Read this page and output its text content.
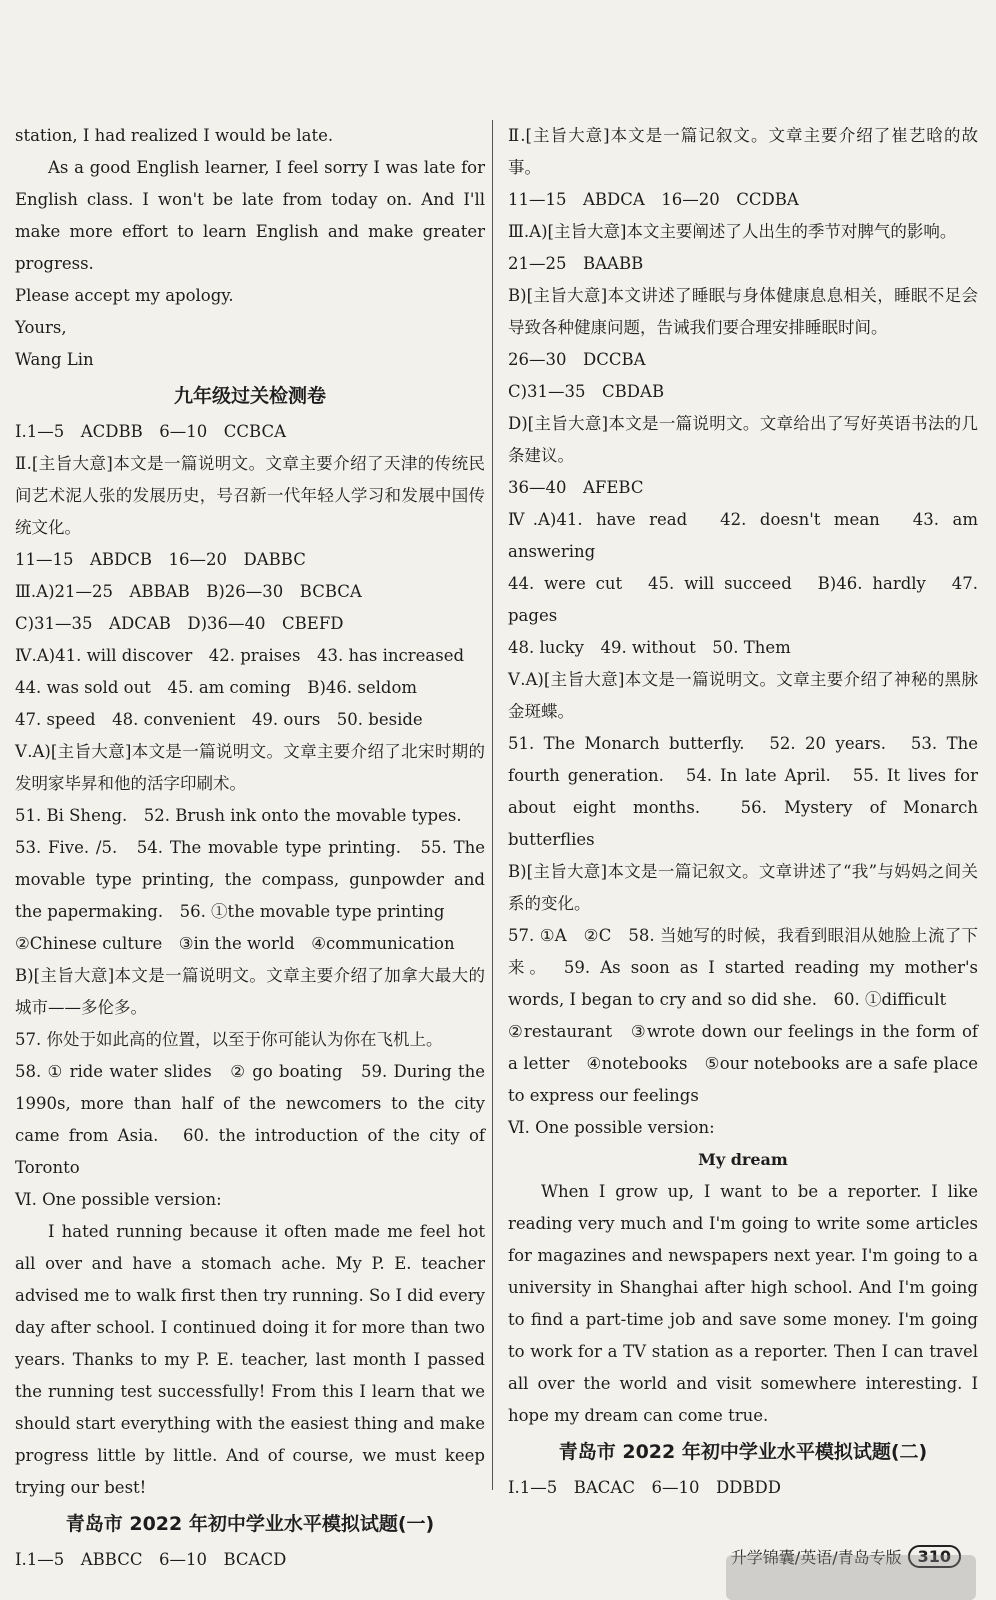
station, I had realized I would be late.

As a good English learner, I feel sorry I was late for English class. I won't be late from today on. And I'll make more effort to learn English and make greater progress.

Please accept my apology.

Yours,

Wang Lin

九年级过关检测卷

Ⅰ.1—5　ACDBB　6—10　CCBCA

Ⅱ.[主旨大意]本文是一篇说明文。文章主要介绍了天津的传统民间艺术泥人张的发展历史，号召新一代年轻人学习和发展中国传统文化。

11—15　ABDCB　16—20　DABBC

Ⅲ.A)21—25　ABBAB　B)26—30　BCBCA

C)31—35　ADCAB　D)36—40　CBEFD

Ⅳ.A)41. will discover　42. praises　43. has increased

44. was sold out　45. am coming　B)46. seldom

47. speed　48. convenient　49. ours　50. beside

Ⅴ.A)[主旨大意]本文是一篇说明文。文章主要介绍了北宋时期的发明家毕昇和他的活字印刷术。

51. Bi Sheng.　52. Brush ink onto the movable types.

53. Five. /5.　54. The movable type printing.　55. The movable type printing, the compass, gunpowder and the papermaking.　56. ①the movable type printing

②Chinese culture　③in the world　④communication

B)[主旨大意]本文是一篇说明文。文章主要介绍了加拿大最大的城市——多伦多。

57. 你处于如此高的位置，以至于你可能认为你在飞机上。

58. ① ride water slides　② go boating　59. During the 1990s, more than half of the newcomers to the city came from Asia.　60. the introduction of the city of Toronto

Ⅵ. One possible version:

I hated running because it often made me feel hot all over and have a stomach ache. My P. E. teacher advised me to walk first then try running. So I did every day after school. I continued doing it for more than two years. Thanks to my P. E. teacher, last month I passed the running test successfully! From this I learn that we should start everything with the easiest thing and make progress little by little. And of course, we must keep trying our best!

青岛市 2022 年初中学业水平模拟试题(一)

Ⅰ.1—5　ABBCC　6—10　BCACD

Ⅱ.[主旨大意]本文是一篇记叙文。文章主要介绍了崔艺晗的故事。

11—15　ABDCA　16—20　CCDBA

Ⅲ.A)[主旨大意]本文主要阐述了人出生的季节对脾气的影响。

21—25　BAABB

B)[主旨大意]本文讲述了睡眠与身体健康息息相关，睡眠不足会导致各种健康问题，告诫我们要合理安排睡眠时间。

26—30　DCCBA

C)31—35　CBDAB

D)[主旨大意]本文是一篇说明文。文章给出了写好英语书法的几条建议。

36—40　AFEBC

Ⅳ.A)41. have read　42. doesn't mean　43. am answering

44. were cut　45. will succeed　B)46. hardly　47. pages

48. lucky　49. without　50. Them

Ⅴ.A)[主旨大意]本文是一篇说明文。文章主要介绍了神秘的黑脉金斑蝶。

51. The Monarch butterfly.　52. 20 years.　53. The fourth generation.　54. In late April.　55. It lives for about eight months.　56. Mystery of Monarch butterflies

B)[主旨大意]本文是一篇记叙文。文章讲述了“我”与妈妈之间关系的变化。

57. ①A　②C　58. 当她写的时候，我看到眼泪从她脸上流了下来。　59. As soon as I started reading my mother's words, I began to cry and so did she.　60. ①difficult

②restaurant　③wrote down our feelings in the form of a letter　④notebooks　⑤our notebooks are a safe place to express our feelings

Ⅵ. One possible version:

My dream

When I grow up, I want to be a reporter. I like reading very much and I'm going to write some articles for magazines and newspapers next year. I'm going to a university in Shanghai after high school. And I'm going to find a part-time job and save some money. I'm going to work for a TV station as a reporter. Then I can travel all over the world and visit somewhere interesting. I hope my dream can come true.

青岛市 2022 年初中学业水平模拟试题(二)

Ⅰ.1—5　BACAC　6—10　DDBDD

升学锦囊/英语/青岛专版	310
